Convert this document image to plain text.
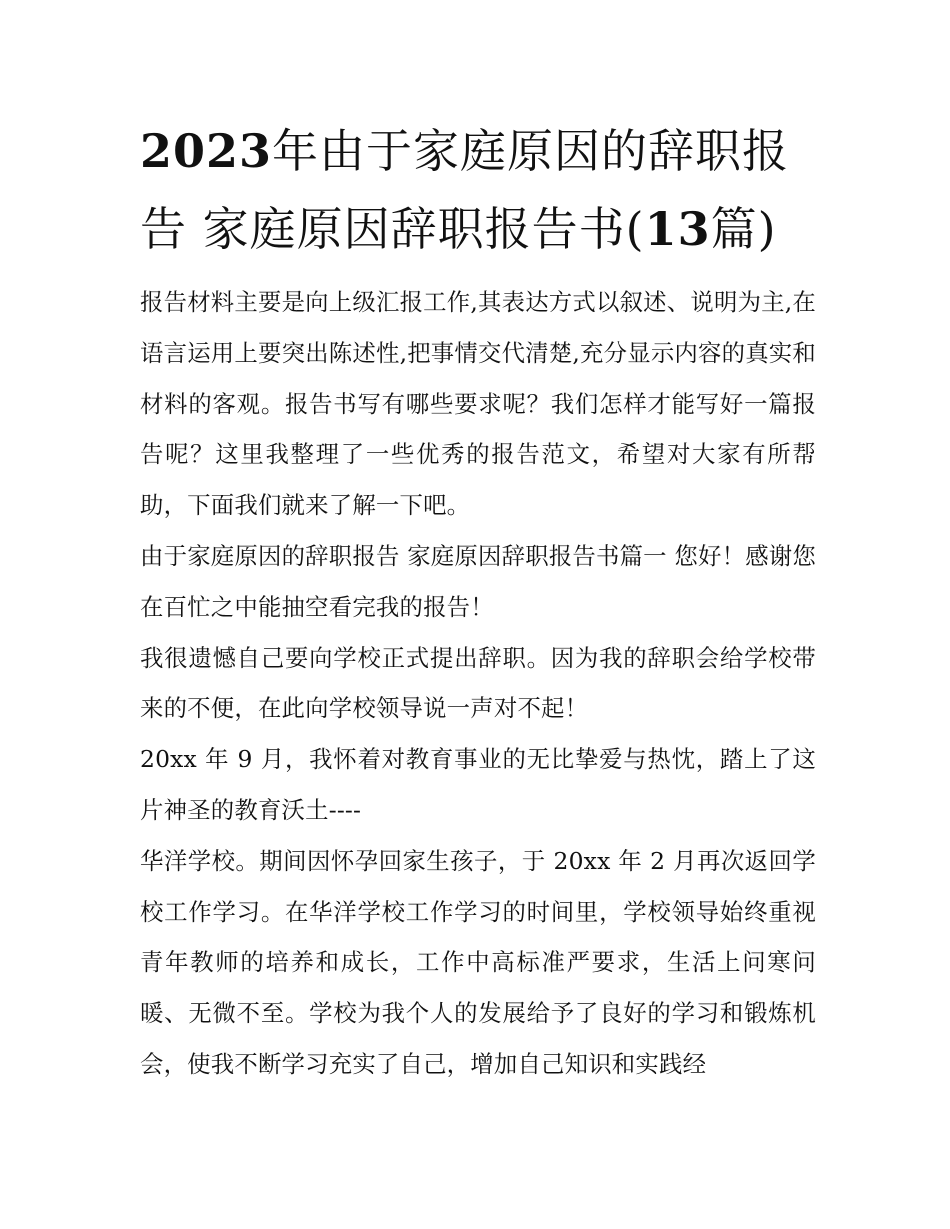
2023年由于家庭原因的辞职报告 家庭原因辞职报告书(13篇)

报告材料主要是向上级汇报工作,其表达方式以叙述、说明为主,在语言运用上要突出陈述性,把事情交代清楚,充分显示内容的真实和材料的客观。报告书写有哪些要求呢？我们怎样才能写好一篇报告呢？这里我整理了一些优秀的报告范文，希望对大家有所帮助，下面我们就来了解一下吧。

由于家庭原因的辞职报告 家庭原因辞职报告书篇一 您好！感谢您在百忙之中能抽空看完我的报告！

我很遗憾自己要向学校正式提出辞职。因为我的辞职会给学校带来的不便，在此向学校领导说一声对不起！

20xx 年 9 月，我怀着对教育事业的无比挚爱与热忱，踏上了这片神圣的教育沃土----

华洋学校。期间因怀孕回家生孩子，于 20xx 年 2 月再次返回学校工作学习。在华洋学校工作学习的时间里，学校领导始终重视青年教师的培养和成长，工作中高标准严要求，生活上问寒问暖、无微不至。学校为我个人的发展给予了良好的学习和锻炼机会，使我不断学习充实了自己，增加自己知识和实践经
